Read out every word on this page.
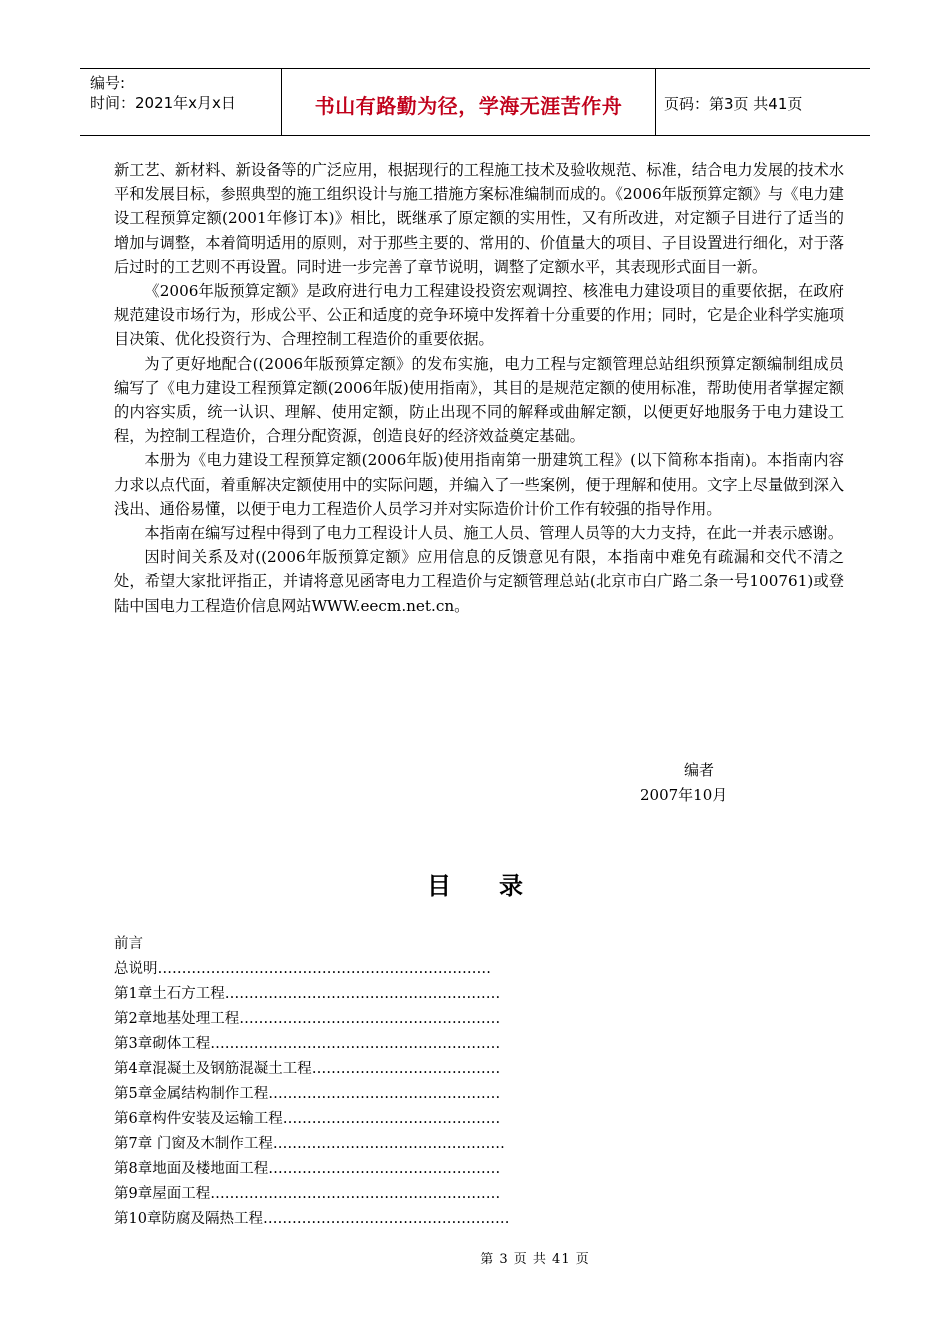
编号:
时间：2021年x月x日	书山有路勤为径，学海无涯苦作舟	页码：第3页 共41页

新工艺、新材料、新设备等的广泛应用，根据现行的工程施工技术及验收规范、标准，结合电力发展的技术水平和发展目标，参照典型的施工组织设计与施工措施方案标准编制而成的。《2006年版预算定额》与《电力建设工程预算定额(2001年修订本)》相比，既继承了原定额的实用性，又有所改进，对定额子目进行了适当的增加与调整，本着简明适用的原则，对于那些主要的、常用的、价值量大的项目、子目设置进行细化，对于落后过时的工艺则不再设置。同时进一步完善了章节说明，调整了定额水平，其表现形式面目一新。

《2006年版预算定额》是政府进行电力工程建设投资宏观调控、核准电力建设项目的重要依据，在政府规范建设市场行为，形成公平、公正和适度的竞争环境中发挥着十分重要的作用；同时，它是企业科学实施项目决策、优化投资行为、合理控制工程造价的重要依据。

为了更好地配合((2006年版预算定额》的发布实施，电力工程与定额管理总站组织预算定额编制组成员编写了《电力建设工程预算定额(2006年版)使用指南》，其目的是规范定额的使用标准，帮助使用者掌握定额的内容实质，统一认识、理解、使用定额，防止出现不同的解释或曲解定额，以便更好地服务于电力建设工程，为控制工程造价，合理分配资源，创造良好的经济效益奠定基础。

本册为《电力建设工程预算定额(2006年版)使用指南第一册建筑工程》(以下简称本指南)。本指南内容力求以点代面，着重解决定额使用中的实际问题，并编入了一些案例，便于理解和使用。文字上尽量做到深入浅出、通俗易懂，以便于电力工程造价人员学习并对实际造价计价工作有较强的指导作用。

本指南在编写过程中得到了电力工程设计人员、施工人员、管理人员等的大力支持，在此一并表示感谢。

因时间关系及对((2006年版预算定额》应用信息的反馈意见有限，本指南中难免有疏漏和交代不清之处，希望大家批评指正，并请将意见函寄电力工程造价与定额管理总站(北京市白广路二条一号100761)或登陆中国电力工程造价信息网站WWW.eecm.net.cn。

编者
2007年10月
目录
前言
总说明……………………………………………………………
第1章土石方工程…………………………………………………
第2章地基处理工程………………………………………………
第3章砌体工程……………………………………………………
第4章混凝土及钢筋混凝土工程…………………………………
第5章金属结构制作工程…………………………………………
第6章构件安装及运输工程………………………………………
第7章 门窗及木制作工程…………………………………………
第8章地面及楼地面工程…………………………………………
第9章屋面工程……………………………………………………
第10章防腐及隔热工程……………………………………………
第 3 页 共 41 页
